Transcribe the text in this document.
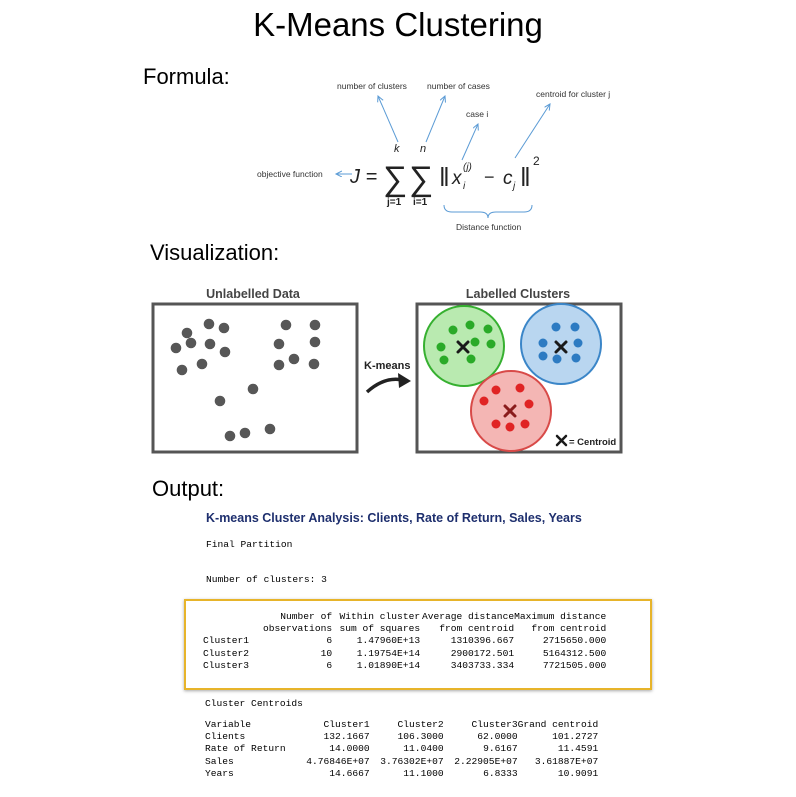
K-Means Clustering
Formula:
Visualization:
Output:
number of clusters number of cases
case i
centroid for cluster j
objective function
Distance function
J =
k
∑
j=1
n
∑
i=1
‖ x
(j)
i − c j ‖
2
Unlabelled Data	Labelled Clusters
K-means
= Centroid
K-means Cluster Analysis: Clients, Rate of Return, Sales, Years
Final Partition
Number of clusters: 3
	Number of	Within cluster	Average distance	Maximum distance
	observations	sum of squares	from centroid	from centroid
Cluster1	6	1.47960E+13	1310396.667	2715650.000
Cluster2	10	1.19754E+14	2900172.501	5164312.500
Cluster3	6	1.01890E+14	3403733.334	7721505.000
Cluster Centroids
Variable	Cluster1	Cluster2	Cluster3	Grand centroid
Clients	132.1667	106.3000	62.0000	101.2727
Rate of Return	14.0000	11.0400	9.6167	11.4591
Sales	4.76846E+07	3.76302E+07	2.22905E+07	3.61887E+07
Years	14.6667	11.1000	6.8333	10.9091
